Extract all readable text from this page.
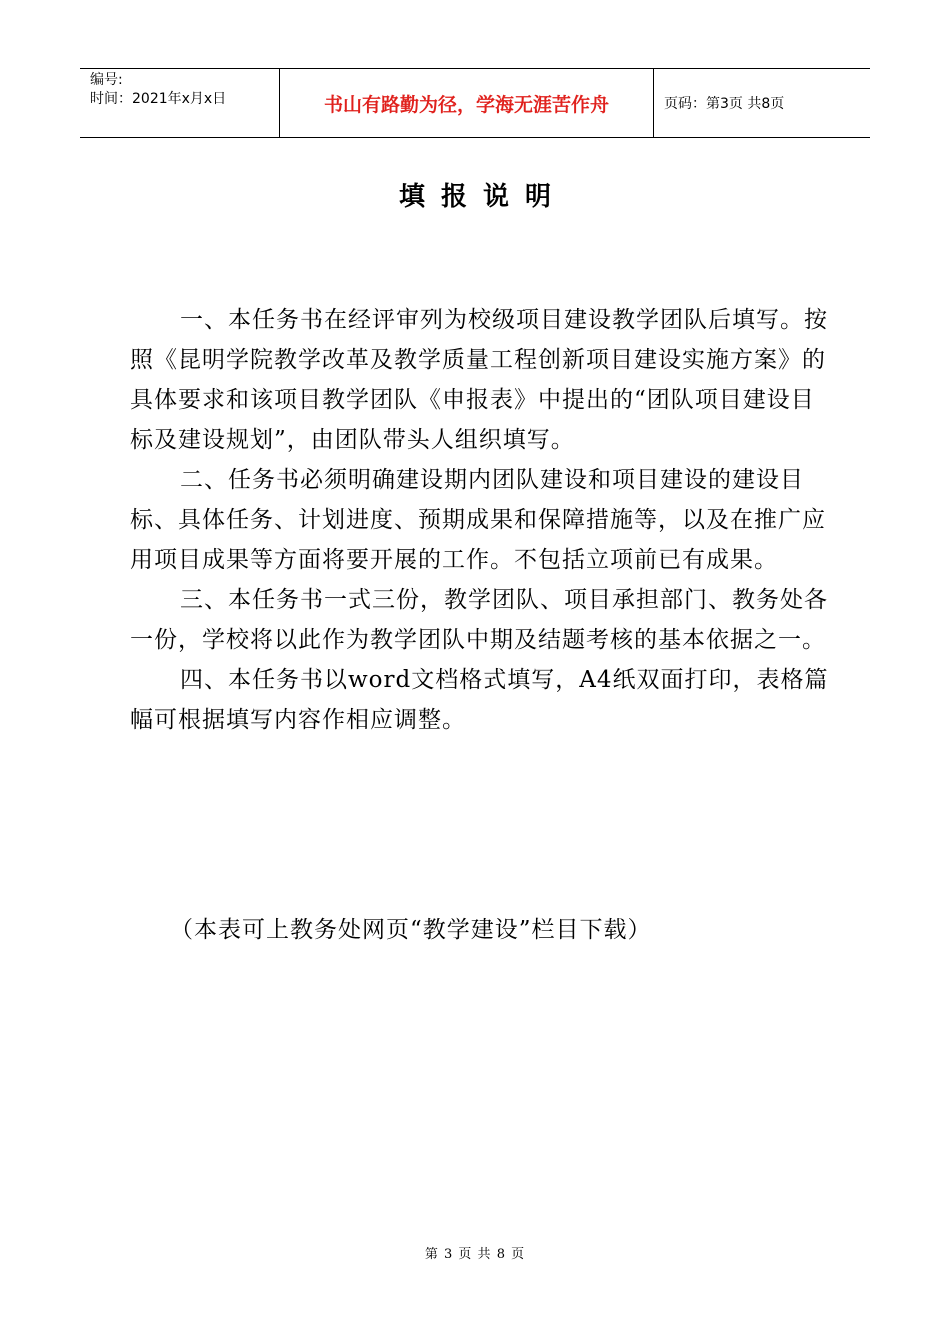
编号:
时间：2021年x月x日	书山有路勤为径，学海无涯苦作舟	页码：第3页 共8页
填报说明

一、本任务书在经评审列为校级项目建设教学团队后填写。按照《昆明学院教学改革及教学质量工程创新项目建设实施方案》的具体要求和该项目教学团队《申报表》中提出的“团队项目建设目标及建设规划”，由团队带头人组织填写。

二、任务书必须明确建设期内团队建设和项目建设的建设目标、具体任务、计划进度、预期成果和保障措施等，以及在推广应用项目成果等方面将要开展的工作。不包括立项前已有成果。

三、本任务书一式三份，教学团队、项目承担部门、教务处各一份，学校将以此作为教学团队中期及结题考核的基本依据之一。

四、本任务书以word文档格式填写，A4纸双面打印，表格篇幅可根据填写内容作相应调整。

（本表可上教务处网页“教学建设”栏目下载）
第 3 页 共 8 页
